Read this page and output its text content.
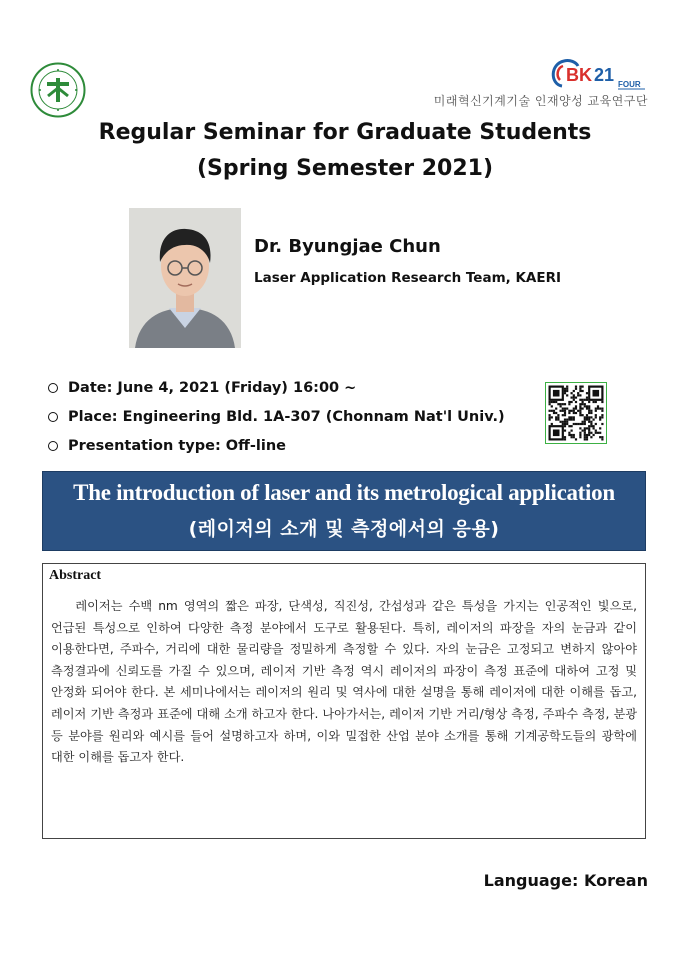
BK 21 FOUR
미래혁신기계기술 인재양성 교육연구단
Regular Seminar for Graduate Students
(Spring Semester 2021)
Dr. Byungjae Chun
Laser Application Research Team, KAERI
Date: June 4, 2021 (Friday) 16:00 ~
Place: Engineering Bld. 1A-307 (Chonnam Nat'l Univ.)
Presentation type: Off-line
The introduction of laser and its metrological application
(레이저의 소개 및 측정에서의 응용)
Abstract
레이저는 수백 nm 영역의 짧은 파장, 단색성, 직진성, 간섭성과 같은 특성을 가지는 인공적인 빛으로, 언급된 특성으로 인하여 다양한 측정 분야에서 도구로 활용된다. 특히, 레이저의 파장을 자의 눈금과 같이 이용한다면, 주파수, 거리에 대한 물리량을 정밀하게 측정할 수 있다. 자의 눈금은 고정되고 변하지 않아야 측정결과에 신뢰도를 가질 수 있으며, 레이저 기반 측정 역시 레이저의 파장이 측정 표준에 대하여 고정 및 안정화 되어야 한다. 본 세미나에서는 레이저의 원리 및 역사에 대한 설명을 통해 레이저에 대한 이해를 돕고, 레이저 기반 측정과 표준에 대해 소개 하고자 한다. 나아가서는, 레이저 기반 거리/형상 측정, 주파수 측정, 분광 등 분야를 원리와 예시를 들어 설명하고자 하며, 이와 밀접한 산업 분야 소개를 통해 기계공학도들의 광학에 대한 이해를 돕고자 한다.
Language: Korean
